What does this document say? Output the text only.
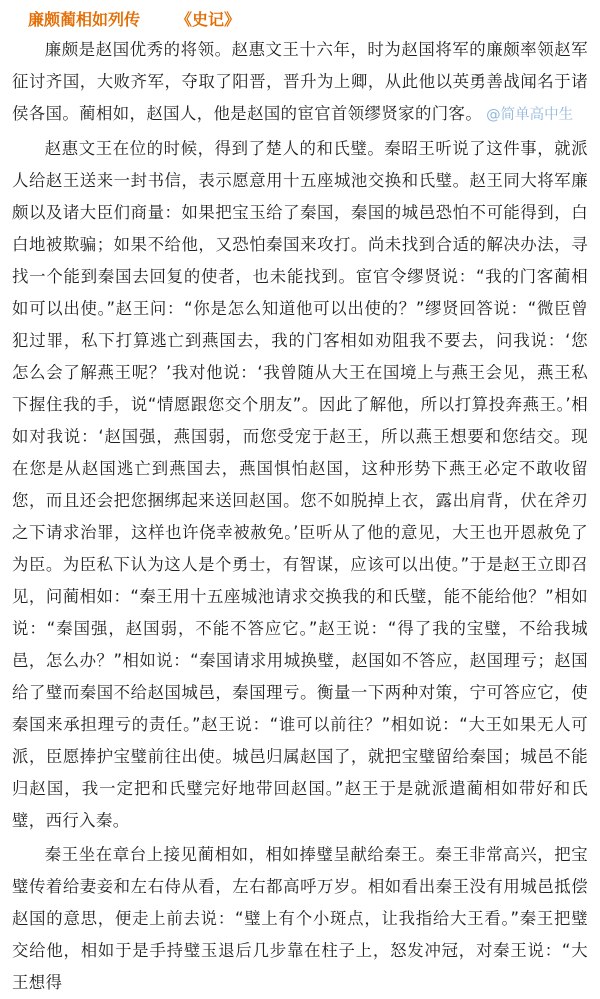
廉颇蔺相如列传 《史记》

廉颇是赵国优秀的将领。赵惠文王十六年，时为赵国将军的廉颇率领赵军征讨齐国，大败齐军，夺取了阳晋，晋升为上卿，从此他以英勇善战闻名于诸侯各国。蔺相如，赵国人，他是赵国的宦官首领缪贤家的门客。 @简单高中生

赵惠文王在位的时候，得到了楚人的和氏璧。秦昭王听说了这件事，就派人给赵王送来一封书信，表示愿意用十五座城池交换和氏璧。赵王同大将军廉颇以及诸大臣们商量：如果把宝玉给了秦国，秦国的城邑恐怕不可能得到，白白地被欺骗；如果不给他，又恐怕秦国来攻打。尚未找到合适的解决办法，寻找一个能到秦国去回复的使者，也未能找到。宦官令缪贤说：“我的门客蔺相如可以出使。”赵王问：“你是怎么知道他可以出使的？”缪贤回答说：“微臣曾犯过罪，私下打算逃亡到燕国去，我的门客相如劝阻我不要去，问我说：‘您怎么会了解燕王呢？’我对他说：‘我曾随从大王在国境上与燕王会见，燕王私下握住我的手，说“情愿跟您交个朋友”。因此了解他，所以打算投奔燕王。’相如对我说：‘赵国强，燕国弱，而您受宠于赵王，所以燕王想要和您结交。现在您是从赵国逃亡到燕国去，燕国惧怕赵国，这种形势下燕王必定不敢收留您，而且还会把您捆绑起来送回赵国。您不如脱掉上衣，露出肩背，伏在斧刃之下请求治罪，这样也许侥幸被赦免。’臣听从了他的意见，大王也开恩赦免了为臣。为臣私下认为这人是个勇士，有智谋，应该可以出使。”于是赵王立即召见，问蔺相如：“秦王用十五座城池请求交换我的和氏璧，能不能给他？”相如说：“秦国强，赵国弱，不能不答应它。”赵王说：“得了我的宝璧，不给我城邑，怎么办？”相如说：“秦国请求用城换璧，赵国如不答应，赵国理亏；赵国给了璧而秦国不给赵国城邑，秦国理亏。衡量一下两种对策，宁可答应它，使秦国来承担理亏的责任。”赵王说：“谁可以前往？”相如说：“大王如果无人可派，臣愿捧护宝璧前往出使。城邑归属赵国了，就把宝璧留给秦国；城邑不能归赵国，我一定把和氏璧完好地带回赵国。”赵王于是就派遣蔺相如带好和氏璧，西行入秦。

秦王坐在章台上接见蔺相如，相如捧璧呈献给秦王。秦王非常高兴，把宝璧传着给妻妾和左右侍从看，左右都高呼万岁。相如看出秦王没有用城邑抵偿赵国的意思，便走上前去说：“璧上有个小斑点，让我指给大王看。”秦王把璧交给他，相如于是手持璧玉退后几步靠在柱子上，怒发冲冠，对秦王说：“大王想得
